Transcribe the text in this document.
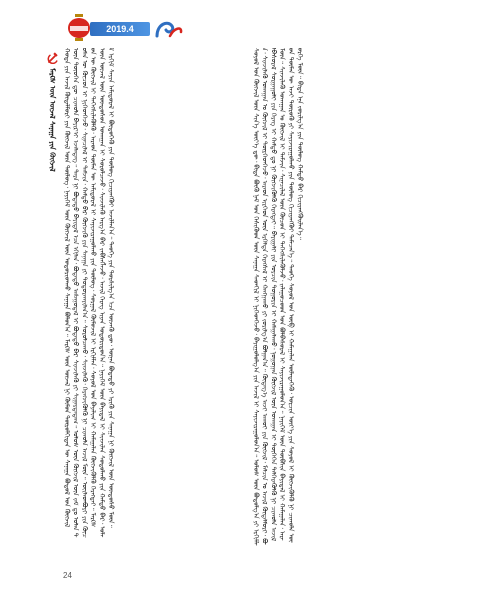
2019.4
ᠮᠠᠷᠺᠰ ᠦᠨ ᠦᠵᠡᠯ ᠰᠠᠨᠠᠭᠠ ᠶᠢᠨ ᠬᠥᠭᠵᠢᠯ ᠬᠣᠲᠠ ᠶᠢᠨ ᠠᠵᠢᠯ ᠬᠥᠳᠡᠯᠮᠦᠷᠢ ᠶᠢᠨ ᠬᠥᠭᠵᠢᠯ ᠦᠨ ᠲᠥᠯᠥᠭ᠂ ᠨᠡᠶᠢᠭᠡᠮ ᠦᠨ ᠬᠥᠭᠵᠢᠯ ᠦᠨ ᠤᠳᠤᠷᠢᠳᠬᠤ ᠰᠠᠨᠠᠭᠠ ᠪᠣᠯᠤᠨ᠎ᠠ᠃ ᠮᠠᠷᠺᠰ ᠦᠨ ᠦᠵᠡᠯ ᠨᠢ ᠬᠦᠮᠦᠨ ᠲᠥᠷᠥᠯᠬᠢᠲᠡᠨ ᠦ ᠰᠠᠨᠠᠭᠠ ᠪᠣᠳᠤᠯ ᠤᠨ ᠬᠥᠭᠵᠢᠯ ᠦᠨ ᠲᠦᠦᠬᠡᠨ ᠳᠦ ᠴᠢᠬᠤᠯᠠ ᠪᠠᠶᠢᠷ᠎ᠢ ᠡᠵᠡᠯᠡᠳᠡᠭ᠃ ᠲᠡᠷᠡ ᠨᠢ ᠪᠣᠳᠠᠲᠤ ᠪᠠᠶᠢᠳᠠᠯ ᠡᠴᠡ ᠡᠬᠢᠯᠡᠨ᠂ ᠪᠣᠳᠠᠲᠤ ᠠᠰᠠᠭᠤᠳᠠᠯ ᠢ ᠪᠣᠳᠠᠲᠤ ᠪᠠᠷ ᠰᠢᠨᠵᠢᠯᠡᠬᠦ ᠶᠢ ᠰᠢᠭᠠᠷᠳᠠᠳᠠᠭ᠃ ᠤᠯᠤᠰ ᠦᠨ ᠬᠥᠭᠵᠢᠯ ᠦᠨ ᠵᠠᠮ ᠳᠤ ᠣᠯᠠᠨ ᠲᠦᠮᠡᠨ ᠦ ᠬᠦᠴᠦᠨ ᠢ ᠨᠢᠭᠡᠳᠭᠡᠵᠦ᠂ ᠰᠢᠨᠡᠴᠢᠯᠡᠯ ᠢ ᠳᠡᠮᠵᠢᠨ᠂ ᠬᠠᠮᠲᠤ ᠪᠠᠷ ᠬᠥᠭᠵᠢᠬᠦ ᠶᠢᠨ ᠰᠠᠨᠠᠭᠠ ᠶᠢ ᠲᠣᠳᠣᠷᠬᠠᠶᠢᠯᠠᠨ᠎ᠠ᠃ ᠰᠤᠷᠤᠯᠴᠠᠬᠤ᠂ ᠰᠢᠨᠵᠢᠯᠡᠬᠦ᠂ ᠬᠡᠷᠡᠭᠵᠢᠭᠦᠯᠬᠦ ᠨᠢ ᠴᠢᠬᠤᠯᠠ ᠠᠵᠢᠯ ᠮᠥᠨ᠃ ᠦᠢᠯᠡᠳᠪᠦᠷᠢ ᠶᠢᠨ ᠬᠦᠴᠦᠨ ᠦ ᠬᠥᠭᠵᠢᠯ ᠢ ᠳᠡᠭᠡᠭᠰᠢᠯᠡᠭᠦᠯᠬᠦ᠂ ᠠᠷᠠᠳ ᠲᠦᠮᠡᠨ ᠦ ᠠᠮᠢᠳᠤᠷᠠᠯ ᠢ ᠰᠠᠶᠢᠵᠢᠷᠠᠭᠤᠯᠬᠤ ᠶᠢᠨ ᠲᠥᠯᠥᠭ᠂ ᠰᠤᠷᠭᠠᠯ ᠬᠥᠮᠦᠵᠢᠯ ᠢ ᠡᠷᠬᠢᠮᠯᠡᠨ᠂ ᠰᠣᠶᠣᠯ ᠤᠨ ᠪᠠᠶᠠᠯᠢᠭ ᠢ ᠬᠠᠮᠠᠭᠠᠯᠠᠨ ᠬᠥᠭᠵᠢᠭᠦᠯᠬᠦ ᠬᠡᠷᠡᠭᠲᠡᠶ᠃ ᠮᠠᠷᠺᠰ ᠦᠨ ᠦᠵᠡᠯ ᠦᠨ ᠦᠨᠳᠦᠰᠦᠨ ᠤᠬᠠᠭᠠᠨ ᠢ ᠰᠤᠷᠤᠯᠴᠠᠵᠤ᠂ ᠰᠢᠨᠵᠢᠯᠡᠬᠦ ᠠᠷᠭ᠎ᠠ ᠪᠠᠷ ᠵᠡᠪᠰᠡᠭᠯᠡᠵᠦ᠂ ᠠᠵᠢᠯ ᠬᠡᠷᠡᠭ ᠢᠶᠡᠨ ᠤᠳᠤᠷᠢᠳᠤᠨ᠎ᠠ᠃ ᠨᠡᠶᠢᠭᠡᠮ ᠦᠨ ᠪᠠᠶᠢᠳᠠᠯ ᠢ ᠰᠢᠨᠵᠢᠯᠡᠨ ᠰᠤᠳᠤᠯᠬᠤ ᠶᠢᠨ ᠬᠠᠮᠲᠤ ᠪᠠᠷ᠂ ᠤᠯᠠᠮ ᠡᠷᠬᠢᠮ ᠰᠠᠶᠢᠨ ᠠᠮᠢᠳᠤᠷᠠᠯ ᠢ ᠪᠦᠲᠦᠭᠡᠬᠦ ᠶᠢᠨ ᠲᠥᠯᠥᠭ ᠬᠢᠴᠢᠶᠡᠩᠭᠦᠢ ᠠᠵᠢᠯᠯᠠᠨ᠎ᠠ᠃ ᠲᠡᠦᠬᠡ ᠶᠢᠨ ᠲᠤᠷᠰᠢᠯᠭ᠎ᠠ ᠡᠴᠡ ᠦᠵᠡᠬᠦ ᠳᠦ᠂ ᠦᠨᠡᠨ ᠪᠣᠳᠠᠲᠤ ᠶᠢ ᠡᠷᠢᠬᠦ ᠶᠢᠨ ᠰᠠᠨᠠᠭᠠ ᠨᠢ ᠬᠥᠭᠵᠢᠯ ᠦᠨ ᠦᠨᠳᠦᠰᠦ ᠮᠥᠨ᠃	ᠰᠣᠶᠣᠯ ᠤᠨ ᠬᠥᠭᠵᠢᠯ ᠦᠨ ᠰᠢᠨ᠎ᠡ ᠦᠶ᠎ᠡ ᠳᠦ᠂ ᠪᠢᠳᠡ ᠪᠦᠬᠦ ᠨᠠᠮ ᠤᠨ ᠭᠡᠰᠢᠭᠦᠳ ᠦᠨ ᠰᠠᠨᠠᠭᠠ ᠰᠡᠳᠬᠢᠯ ᠢ ᠨᠢᠭᠡᠳᠬᠡᠵᠦ᠂ ᠪᠠᠶᠢᠭᠤᠯᠤᠯᠭ᠎ᠠ ᠶᠢᠨ ᠠᠵᠢᠯ ᠢ ᠰᠠᠶᠢᠵᠢᠷᠠᠭᠤᠯᠤᠨ᠎ᠠ᠃ ᠤᠯᠤᠰ ᠦᠨ ᠪᠣᠳᠤᠯᠭ᠎ᠠ ᠶᠢ ᠡᠷᠬᠢᠮᠯᠡᠨ᠂ ᠰᠢᠨᠵᠢᠯᠡᠬᠦ ᠤᠬᠠᠭᠠᠨ ᠤ ᠬᠥᠭᠵᠢᠯ ᠢ ᠲᠦᠷᠭᠡᠳᠭᠡᠵᠦ᠂ ᠠᠷᠠᠳ ᠢᠷᠭᠡᠳ ᠦᠨ ᠡᠷᠭᠡᠯᠲᠡ ᠬᠡᠷᠡᠭᠰᠡᠯ ᠢ ᠬᠠᠩᠭᠠᠬᠤ ᠶᠢ ᠵᠣᠷᠢᠯᠭ᠎ᠠ ᠪᠣᠯᠭᠠᠨ᠎ᠠ᠃ ᠬᠥᠳᠡᠭ᠎ᠡ ᠠᠵᠢ ᠠᠬᠤᠢ ᠶᠢᠨ ᠬᠥᠭᠵᠢᠯ᠂ ᠮᠠᠯᠴᠢᠨ ᠤ ᠠᠵᠢᠯ ᠬᠥᠳᠡᠯᠮᠦᠷᠢ᠂ ᠪᠣᠯᠪᠠᠰᠤᠷᠠᠯ ᠰᠤᠷᠭᠠᠭᠤᠯᠢ ᠶᠢᠨ ᠬᠡᠷᠡᠭ ᠢ ᠬᠠᠮᠲᠤ ᠳᠤ ᠨᠢ ᠬᠥᠭᠵᠢᠭᠦᠯᠬᠦ ᠬᠡᠷᠡᠭᠲᠡᠶ᠃ ᠪᠠᠶᠢᠭᠠᠯᠢ ᠶᠢᠨ ᠣᠷᠴᠢᠨ ᠲᠣᠭᠣᠷᠢᠨ ᠢ ᠬᠠᠮᠠᠭᠠᠯᠠᠬᠤ᠂ ᠨᠣᠭᠣᠭᠠᠨ ᠬᠥᠭᠵᠢᠯ ᠦᠨ ᠤᠬᠠᠭᠠᠨ ᠢ ᠲᠦᠭᠡᠭᠡᠨ ᠳᠡᠯᠭᠡᠷᠡᠭᠦᠯᠬᠦ ᠨᠢ ᠴᠢᠬᠤᠯᠠ ᠠᠵᠢᠯ ᠮᠥᠨ᠃ ᠰᠢᠨᠵᠢᠯᠡᠬᠦ ᠤᠬᠠᠭᠠᠨ ᠤ ᠬᠥᠭᠵᠢᠯ ᠢ ᠳᠡᠮᠵᠢᠨ᠂ ᠰᠢᠨᠡᠴᠢᠯᠡᠯ ᠦᠨ ᠬᠦᠴᠦᠨ ᠢ ᠳᠡᠭᠡᠭᠰᠢᠯᠡᠭᠦᠯᠵᠦ᠂ ᠵᠠᠯᠠᠭᠤᠴᠤᠳ ᠤᠨ ᠪᠣᠯᠪᠠᠰᠤᠷᠠᠯ ᠢ ᠰᠠᠶᠢᠵᠢᠷᠠᠭᠤᠯᠤᠨ᠎ᠠ᠃ ᠨᠡᠶᠢᠭᠡᠮ ᠦᠨ ᠲᠥᠪᠰᠢᠨ ᠪᠠᠶᠢᠳᠠᠯ ᠢ ᠬᠠᠮᠠᠭᠠᠯᠠᠨ᠂ ᠠᠷᠠᠳ ᠲᠦᠮᠡᠨ ᠦ ᠠᠵᠢ ᠲᠦᠷᠦᠬᠦ ᠶᠢ ᠰᠠᠶᠢᠵᠢᠷᠠᠭᠤᠯᠬᠤ ᠶᠢᠨ ᠲᠥᠯᠥᠭ ᠬᠢᠴᠢᠶᠡᠩᠭᠦᠢ ᠲᠡᠮᠡᠴᠡᠨ᠎ᠡ᠃ ᠲᠡᠦᠬᠡ ᠰᠣᠶᠣᠯ ᠤᠨ ᠥᠪ ᠢ ᠬᠠᠮᠠᠭᠠᠯᠠᠨ ᠦᠯᠡᠳᠡᠭᠡᠬᠦ᠂ ᠣᠷᠴᠢᠨ ᠦᠶ᠎ᠡ ᠶᠢᠨ ᠰᠣᠶᠣᠯ ᠢ ᠬᠥᠭᠵᠢᠭᠦᠯᠬᠦ ᠨᠢ ᠴᠢᠬᠤᠯᠠ ᠦᠦᠷᠭᠡ ᠮᠥᠨ᠃ ᠪᠢᠳᠡ ᠡᠨᠡ ᠵᠣᠷᠢᠯᠭ᠎ᠠ ᠶᠢᠨ ᠲᠥᠯᠥᠭ ᠬᠠᠮᠲᠤ ᠪᠠᠷ ᠬᠢᠴᠢᠶᠡᠩᠭᠦᠢᠯᠡᠨ᠎ᠡ᠃
24
